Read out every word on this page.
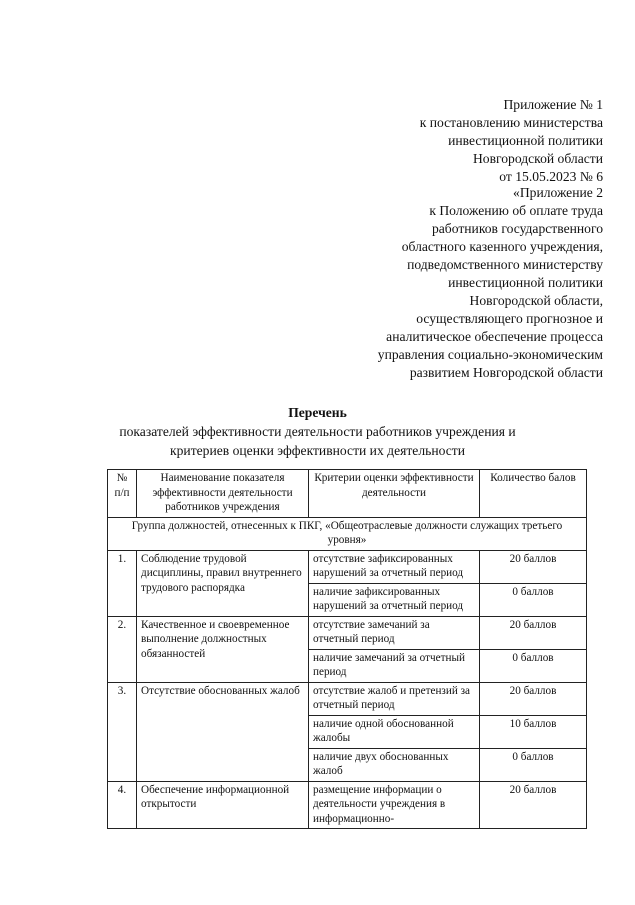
Приложение № 1
к постановлению министерства
инвестиционной политики
Новгородской области
от 15.05.2023 № 6
«Приложение 2
к Положению об оплате труда
работников государственного
областного казенного учреждения,
подведомственного министерству
инвестиционной политики
Новгородской области,
осуществляющего прогнозное и
аналитическое обеспечение процесса
управления социально-экономическим
развитием Новгородской области
Перечень
показателей эффективности деятельности работников учреждения и
критериев оценки эффективности их деятельности
№ п/п	Наименование показателя эффективности деятельности работников учреждения	Критерии оценки эффективности деятельности	Количество балов
Группа должностей, отнесенных к ПКГ, «Общеотраслевые должности служащих третьего уровня»			
1.	Соблюдение трудовой дисциплины, правил внутреннего трудового распорядка	отсутствие зафиксированных нарушений за отчетный период	20 баллов
		наличие зафиксированных нарушений за отчетный период	0 баллов
2.	Качественное и своевременное выполнение должностных обязанностей	отсутствие замечаний за отчетный период	20 баллов
		наличие замечаний за отчетный период	0 баллов
3.	Отсутствие обоснованных жалоб	отсутствие жалоб и претензий за отчетный период	20 баллов
		наличие одной обоснованной жалобы	10 баллов
		наличие двух обоснованных жалоб	0 баллов
4.	Обеспечение информационной открытости	размещение информации о деятельности учреждения в информационно-	20 баллов
